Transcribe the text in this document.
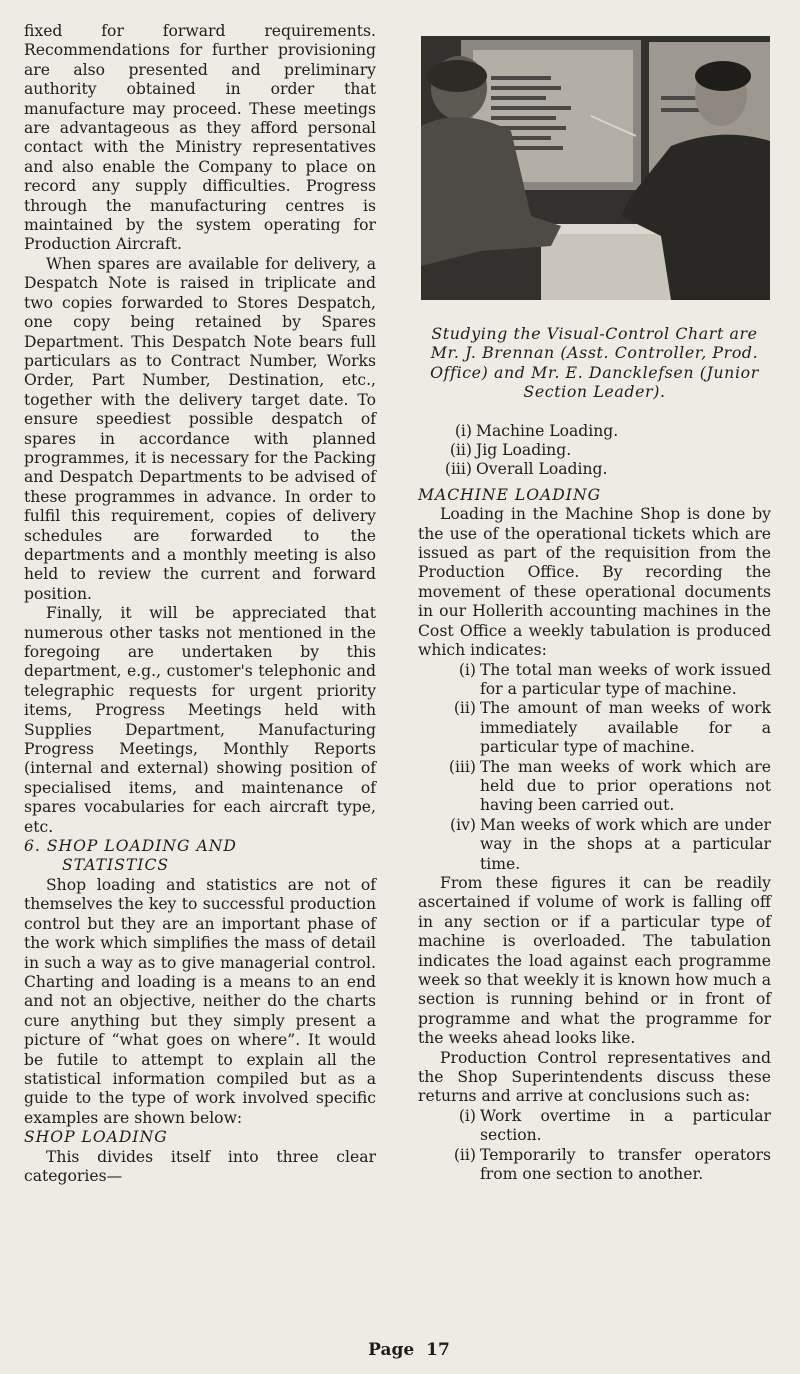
fixed for forward requirements. Recommendations for further provisioning are also presented and preliminary authority obtained in order that manufacture may proceed. These meetings are advantageous as they afford personal contact with the Ministry representatives and also enable the Company to place on record any supply difficulties. Progress through the manufacturing centres is maintained by the system operating for Production Aircraft.

When spares are available for delivery, a Despatch Note is raised in triplicate and two copies forwarded to Stores Despatch, one copy being retained by Spares Department. This Despatch Note bears full particulars as to Contract Number, Works Order, Part Number, Destination, etc., together with the delivery target date. To ensure speediest possible despatch of spares in accordance with planned programmes, it is necessary for the Packing and Despatch Departments to be advised of these programmes in advance. In order to fulfil this requirement, copies of delivery schedules are forwarded to the departments and a monthly meeting is also held to review the current and forward position.

Finally, it will be appreciated that numerous other tasks not mentioned in the foregoing are undertaken by this department, e.g., customer's telephonic and telegraphic requests for urgent priority items, Progress Meetings held with Supplies Department, Manufacturing Progress Meetings, Monthly Reports (internal and external) showing position of specialised items, and maintenance of spares vocabularies for each aircraft type, etc.

6. SHOP LOADING AND
STATISTICS

Shop loading and statistics are not of themselves the key to successful production control but they are an important phase of the work which simplifies the mass of detail in such a way as to give managerial control. Charting and loading is a means to an end and not an objective, neither do the charts cure anything but they simply present a picture of “what goes on where”. It would be futile to attempt to explain all the statistical information compiled but as a guide to the type of work involved specific examples are shown below:

SHOP LOADING

This divides itself into three clear categories—

Studying the Visual-Control Chart are Mr. J. Brennan (Asst. Controller, Prod. Office) and Mr. E. Dancklefsen (Junior Section Leader).
(i) Machine Loading.
(ii) Jig Loading.
(iii) Overall Loading.
MACHINE LOADING

Loading in the Machine Shop is done by the use of the operational tickets which are issued as part of the requisition from the Production Office. By recording the movement of these operational documents in our Hollerith accounting machines in the Cost Office a weekly tabulation is produced which indicates:

(i) The total man weeks of work issued for a particular type of machine.
(ii) The amount of man weeks of work immediately available for a particular type of machine.
(iii) The man weeks of work which are held due to prior operations not having been carried out.
(iv) Man weeks of work which are under way in the shops at a particular time.

From these figures it can be readily ascertained if volume of work is falling off in any section or if a particular type of machine is overloaded. The tabulation indicates the load against each programme week so that weekly it is known how much a section is running behind or in front of programme and what the programme for the weeks ahead looks like.

Production Control representatives and the Shop Superintendents discuss these returns and arrive at conclusions such as:

(i) Work overtime in a particular section.
(ii) Temporarily to transfer operators from one section to another.
Page 17
